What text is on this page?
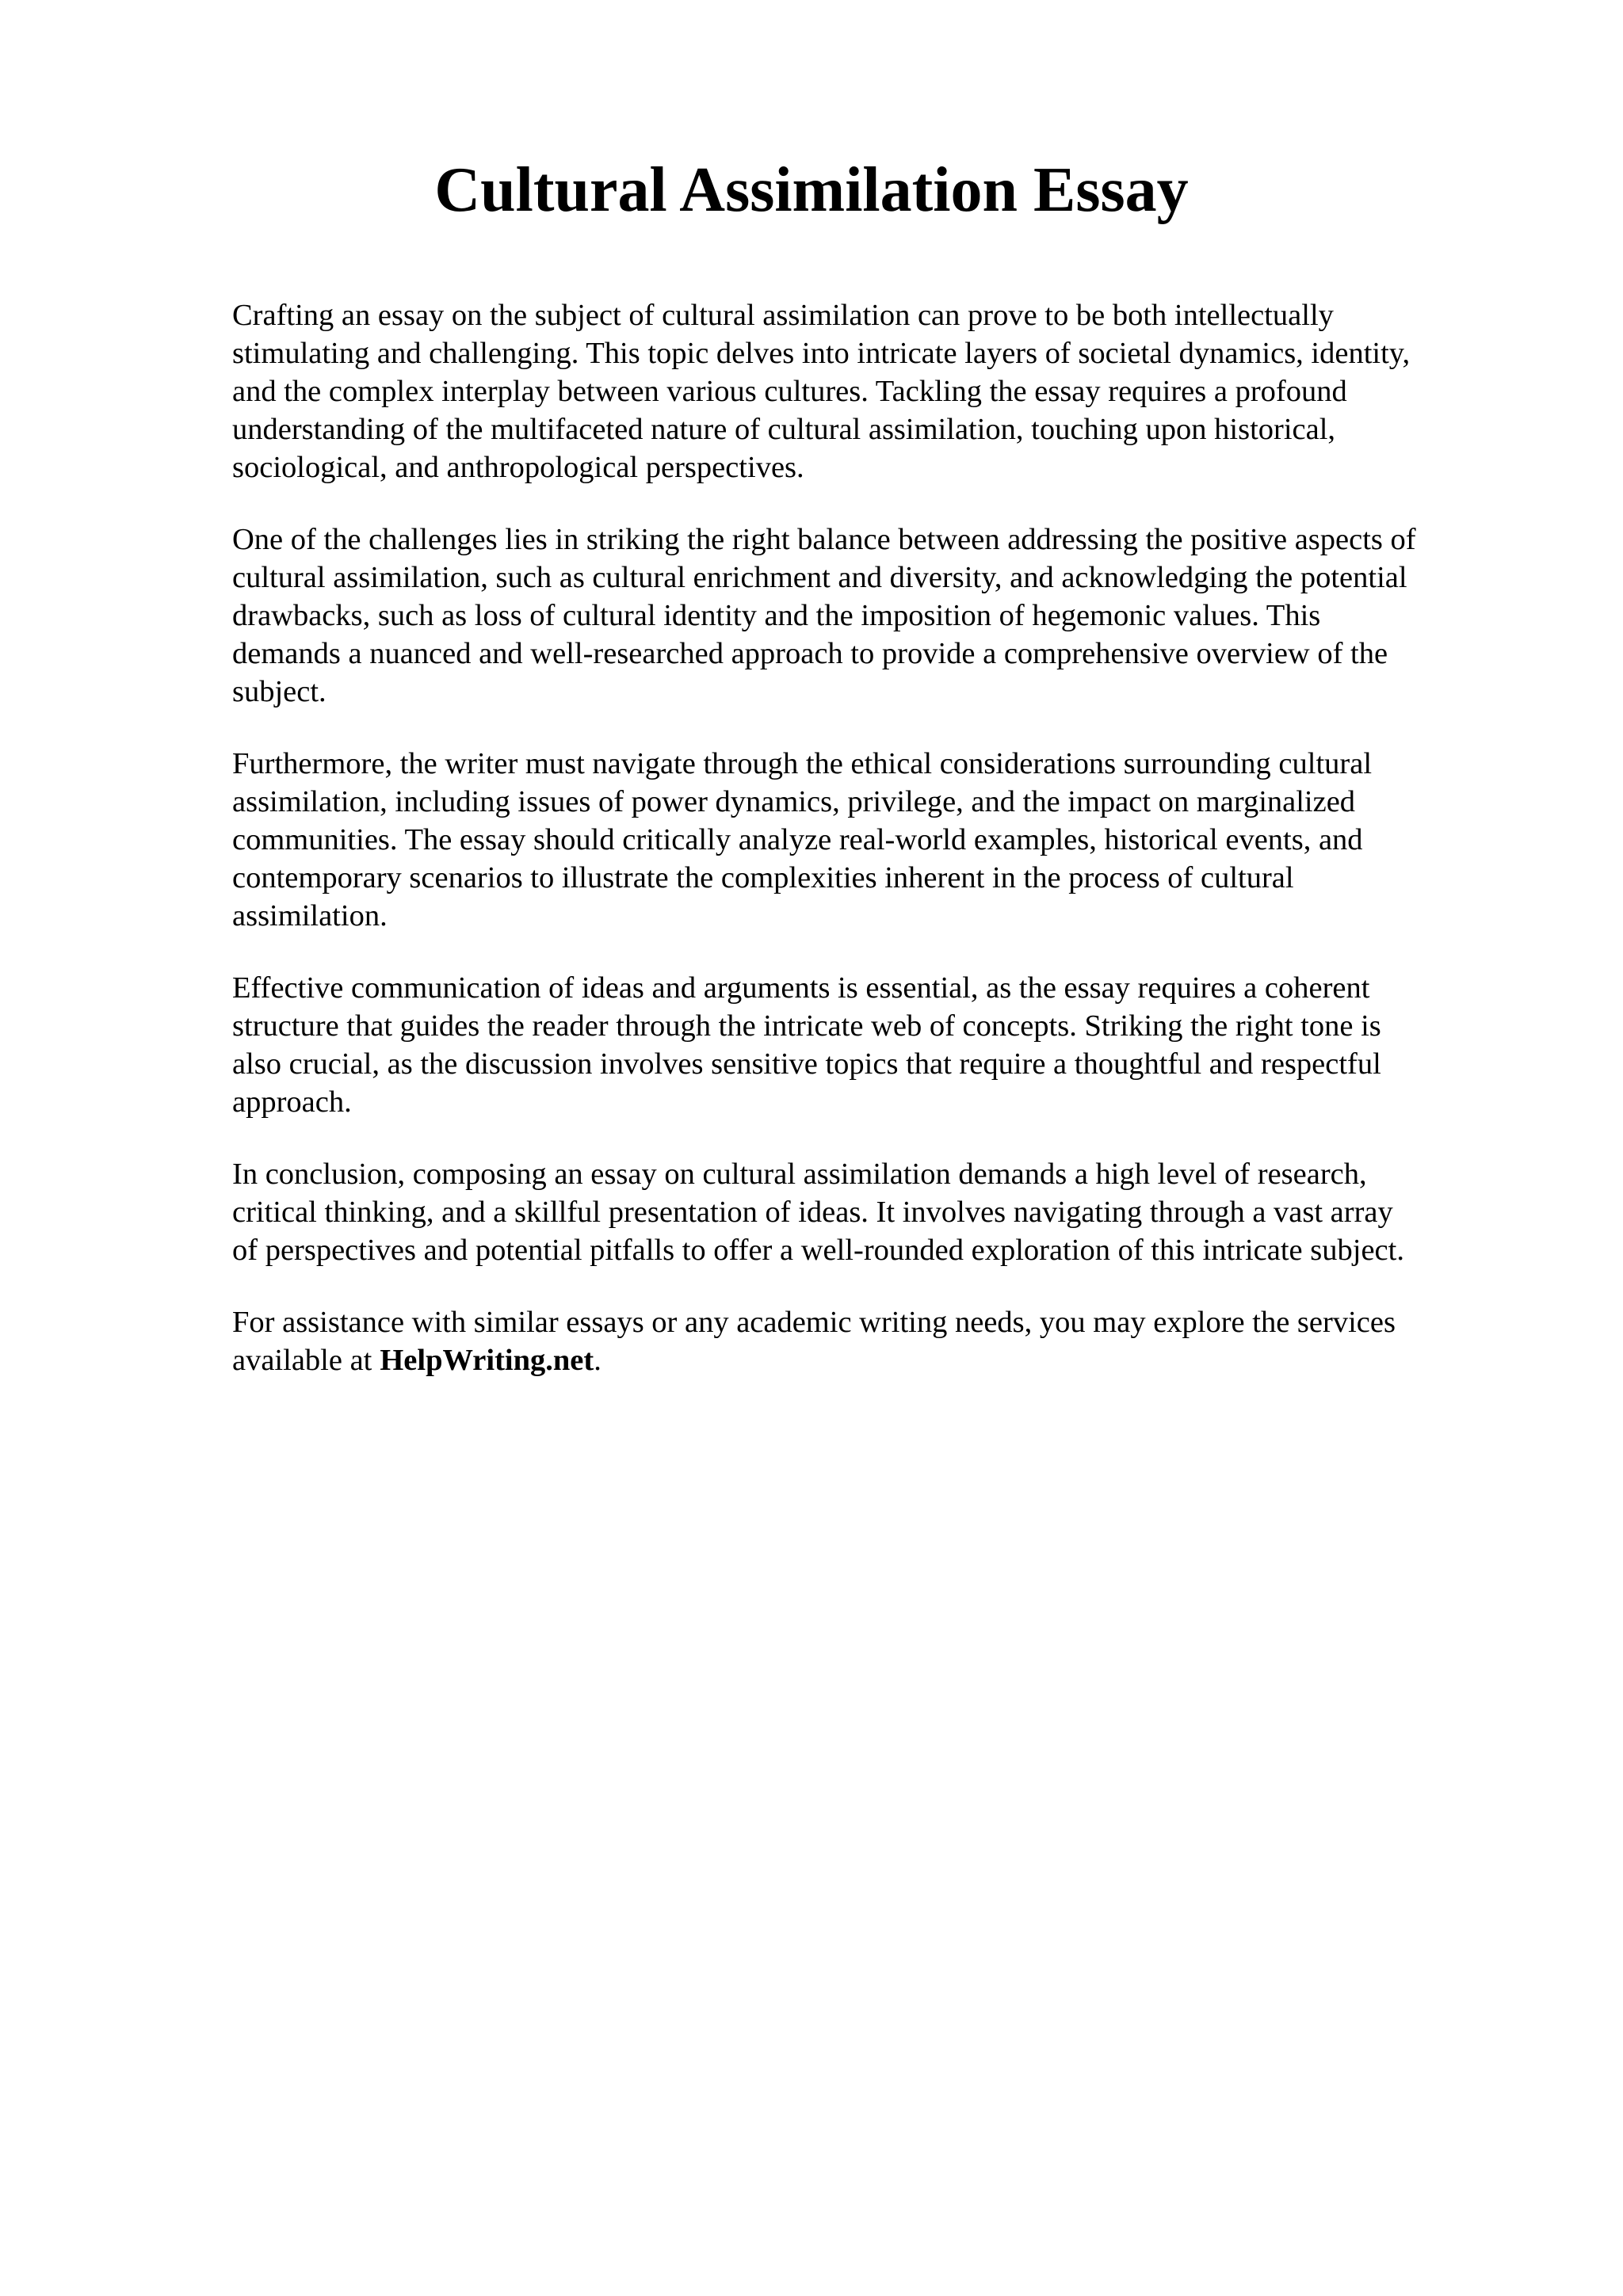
Cultural Assimilation Essay

Crafting an essay on the subject of cultural assimilation can prove to be both intellectually
stimulating and challenging. This topic delves into intricate layers of societal dynamics, identity,
and the complex interplay between various cultures. Tackling the essay requires a profound
understanding of the multifaceted nature of cultural assimilation, touching upon historical,
sociological, and anthropological perspectives.

One of the challenges lies in striking the right balance between addressing the positive aspects of
cultural assimilation, such as cultural enrichment and diversity, and acknowledging the potential
drawbacks, such as loss of cultural identity and the imposition of hegemonic values. This
demands a nuanced and well-researched approach to provide a comprehensive overview of the
subject.

Furthermore, the writer must navigate through the ethical considerations surrounding cultural
assimilation, including issues of power dynamics, privilege, and the impact on marginalized
communities. The essay should critically analyze real-world examples, historical events, and
contemporary scenarios to illustrate the complexities inherent in the process of cultural
assimilation.

Effective communication of ideas and arguments is essential, as the essay requires a coherent
structure that guides the reader through the intricate web of concepts. Striking the right tone is
also crucial, as the discussion involves sensitive topics that require a thoughtful and respectful
approach.

In conclusion, composing an essay on cultural assimilation demands a high level of research,
critical thinking, and a skillful presentation of ideas. It involves navigating through a vast array
of perspectives and potential pitfalls to offer a well-rounded exploration of this intricate subject.

For assistance with similar essays or any academic writing needs, you may explore the services
available at HelpWriting.net.
